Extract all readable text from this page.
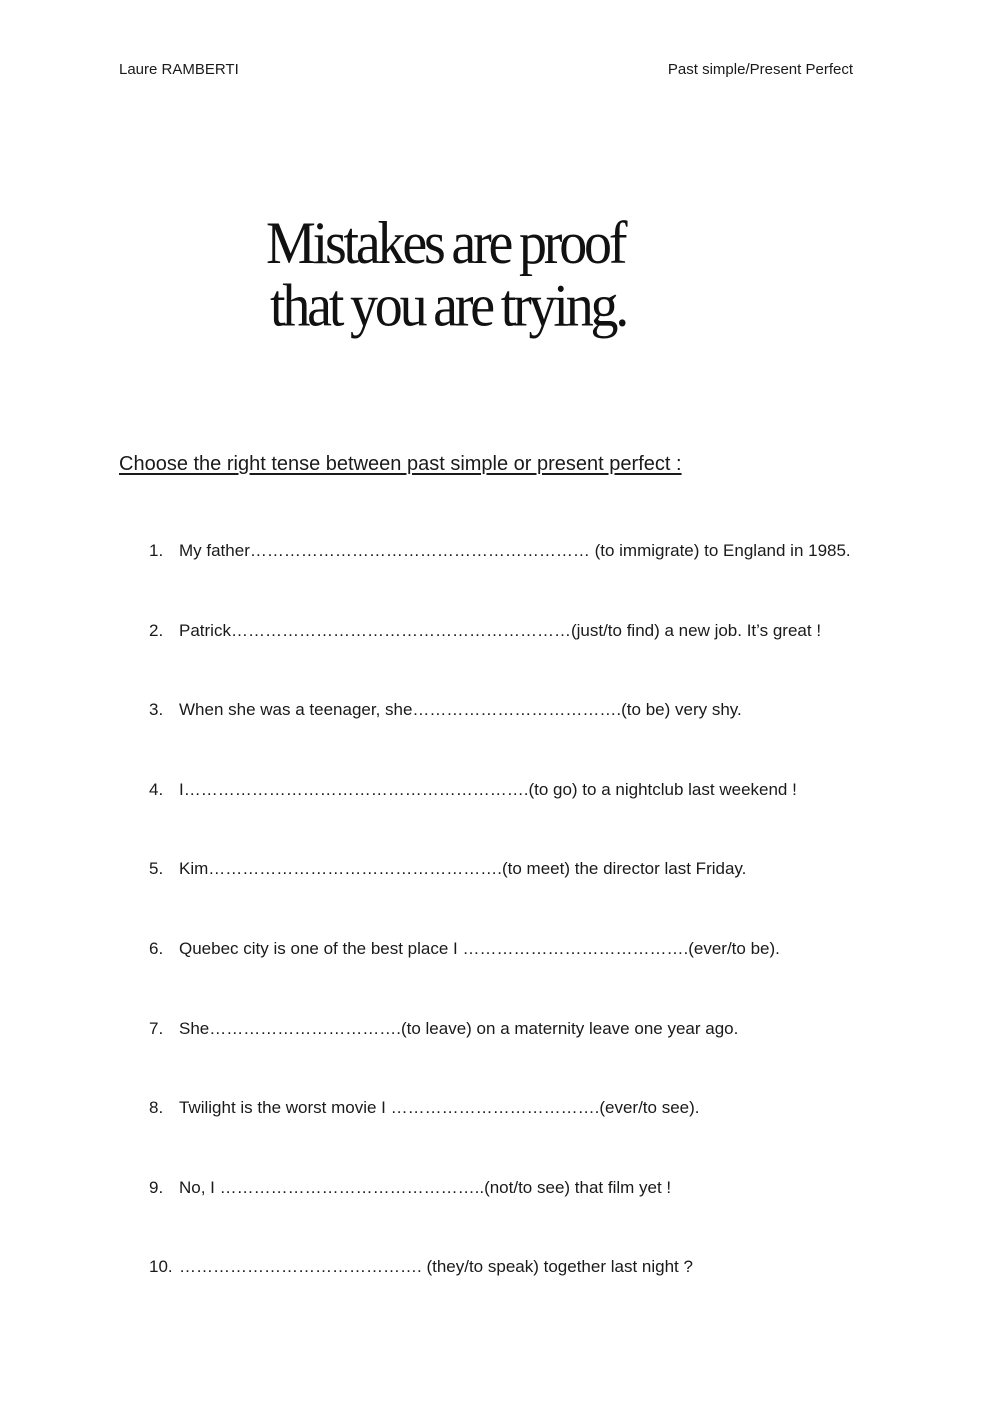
Laure RAMBERTI	Past simple/Present Perfect
Mistakes are proof
that you are trying.
Choose the right tense between past simple or present perfect :
1. My father…………………………………………………… (to immigrate) to England in 1985.
2. Patrick……………………………………………………(just/to find) a new job. It’s great !
3. When she was a teenager, she……………………………….(to be) very shy.
4. I…………………………………………………….(to go) to a nightclub last weekend !
5. Kim…………………………………………….(to meet) the director last Friday.
6. Quebec city is one of the best place I ………………………………….(ever/to be).
7. She…………………………….(to leave) on a maternity leave one year ago.
8. Twilight is the worst movie I ……………………………….(ever/to see).
9. No, I ………………………………………..(not/to see) that film yet !
10. ……………………………………. (they/to speak) together last night ?
